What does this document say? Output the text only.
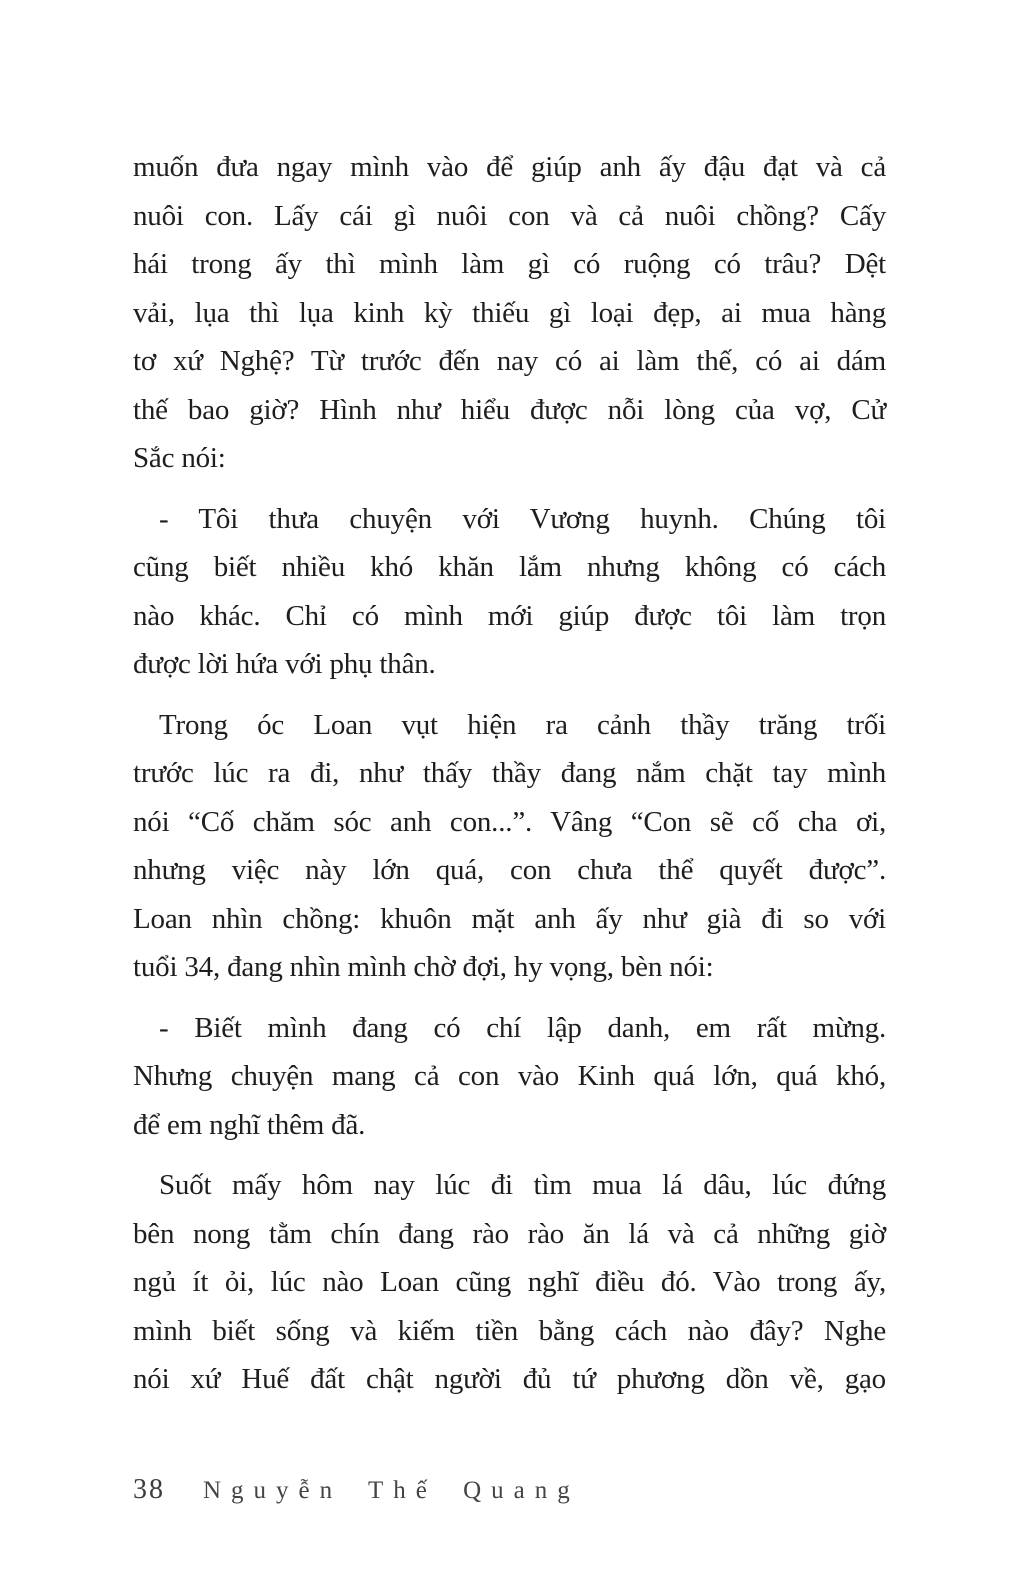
muốn đưa ngay mình vào để giúp anh ấy đậu đạt và cả
nuôi con. Lấy cái gì nuôi con và cả nuôi chồng? Cấy
hái trong ấy thì mình làm gì có ruộng có trâu? Dệt
vải, lụa thì lụa kinh kỳ thiếu gì loại đẹp, ai mua hàng
tơ xứ Nghệ? Từ trước đến nay có ai làm thế, có ai dám
thế bao giờ? Hình như hiểu được nỗi lòng của vợ, Cử
Sắc nói:
- Tôi thưa chuyện với Vương huynh. Chúng tôi
cũng biết nhiều khó khăn lắm nhưng không có cách
nào khác. Chỉ có mình mới giúp được tôi làm trọn
được lời hứa với phụ thân.
Trong óc Loan vụt hiện ra cảnh thầy trăng trối
trước lúc ra đi, như thấy thầy đang nắm chặt tay mình
nói “Cố chăm sóc anh con...”. Vâng “Con sẽ cố cha ơi,
nhưng việc này lớn quá, con chưa thể quyết được”.
Loan nhìn chồng: khuôn mặt anh ấy như già đi so với
tuổi 34, đang nhìn mình chờ đợi, hy vọng, bèn nói:
- Biết mình đang có chí lập danh, em rất mừng.
Nhưng chuyện mang cả con vào Kinh quá lớn, quá khó,
để em nghĩ thêm đã.
Suốt mấy hôm nay lúc đi tìm mua lá dâu, lúc đứng
bên nong tằm chín đang rào rào ăn lá và cả những giờ
ngủ ít ỏi, lúc nào Loan cũng nghĩ điều đó. Vào trong ấy,
mình biết sống và kiếm tiền bằng cách nào đây? Nghe
nói xứ Huế đất chật người đủ tứ phương dồn về, gạo
38 Nguyễn Thế Quang
